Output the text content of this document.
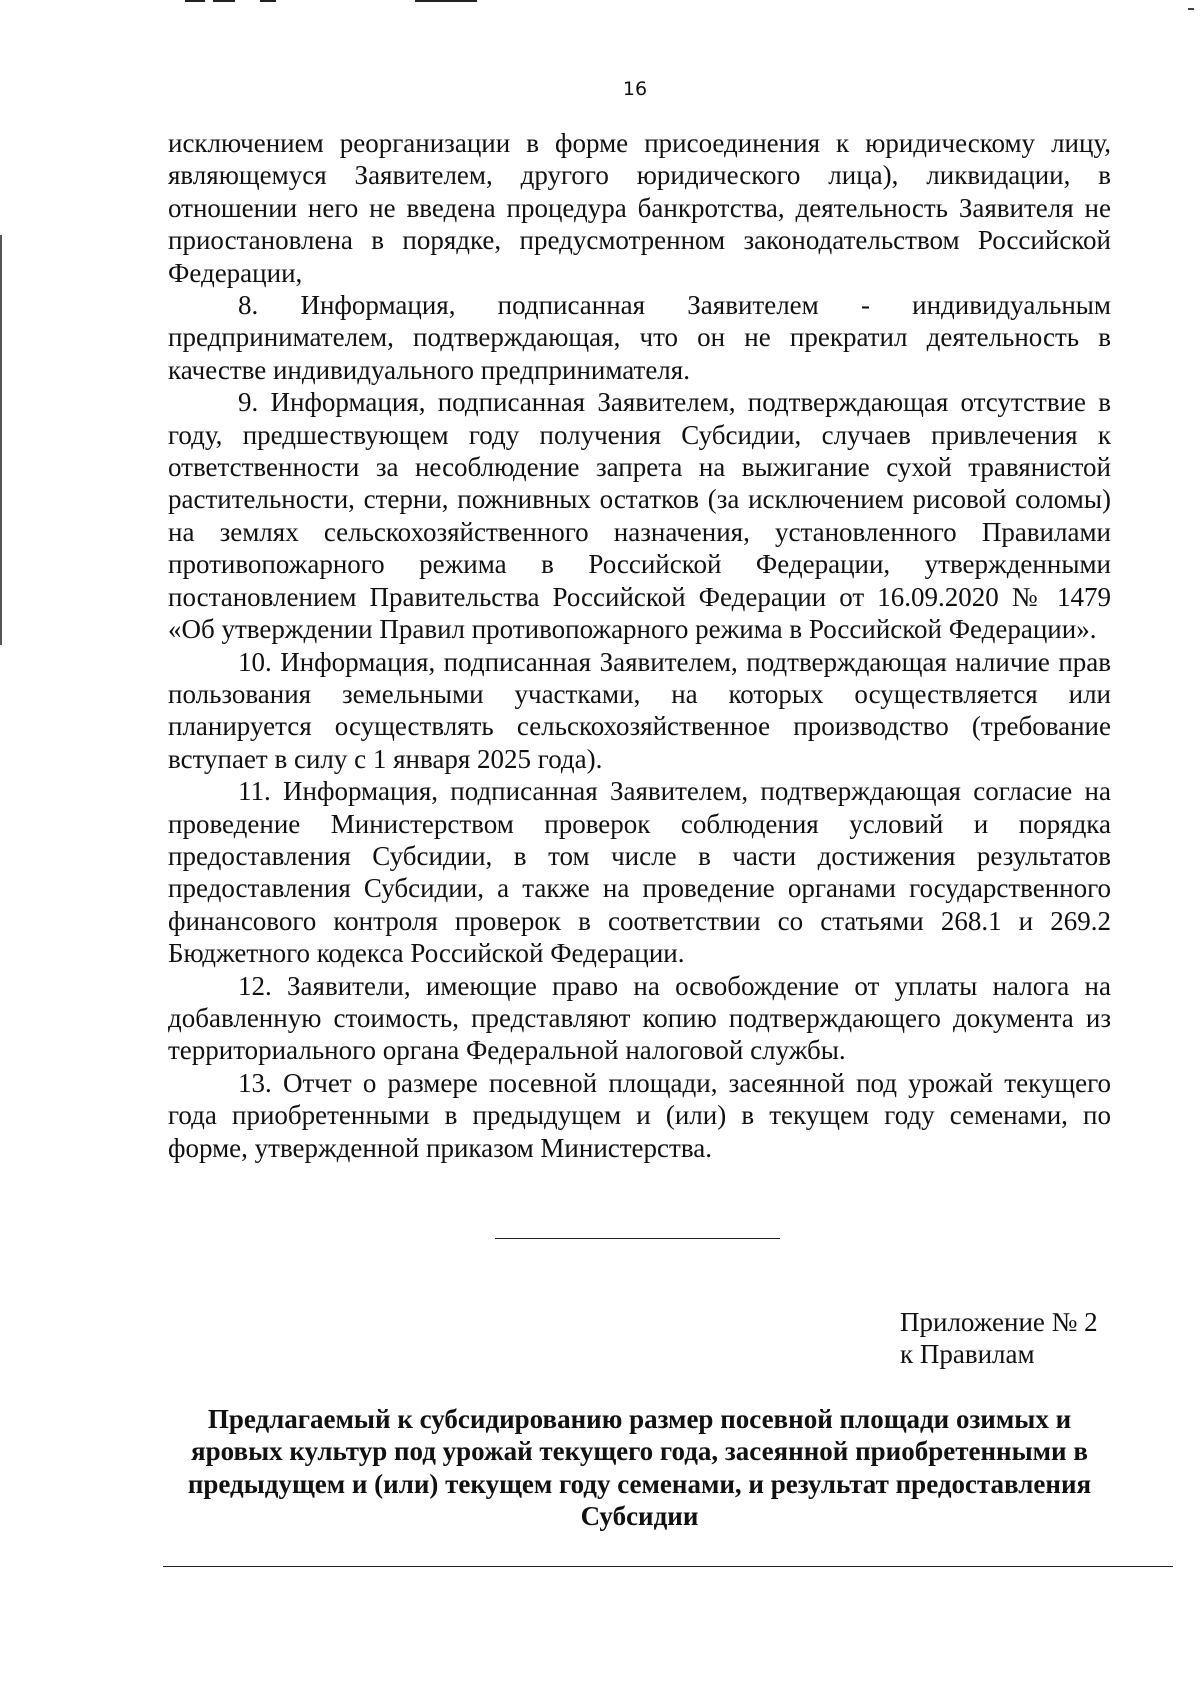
16

исключением реорганизации в форме присоединения к юридическому лицу, являющемуся Заявителем, другого юридического лица), ликвидации, в отношении него не введена процедура банкротства, деятельность Заявителя не приостановлена в порядке, предусмотренном законодательством Российской Федерации,

8. Информация, подписанная Заявителем - индивидуальным предпринимателем, подтверждающая, что он не прекратил деятельность в качестве индивидуального предпринимателя.

9. Информация, подписанная Заявителем, подтверждающая отсутствие в году, предшествующем году получения Субсидии, случаев привлечения к ответственности за несоблюдение запрета на выжигание сухой травянистой растительности, стерни, пожнивных остатков (за исключением рисовой соломы) на землях сельскохозяйственного назначения, установленного Правилами противопожарного режима в Российской Федерации, утвержденными постановлением Правительства Российской Федерации от 16.09.2020 № 1479 «Об утверждении Правил противопожарного режима в Российской Федерации».

10. Информация, подписанная Заявителем, подтверждающая наличие прав пользования земельными участками, на которых осуществляется или планируется осуществлять сельскохозяйственное производство (требование вступает в силу с 1 января 2025 года).

11. Информация, подписанная Заявителем, подтверждающая согласие на проведение Министерством проверок соблюдения условий и порядка предоставления Субсидии, в том числе в части достижения результатов предоставления Субсидии, а также на проведение органами государственного финансового контроля проверок в соответствии со статьями 268.1 и 269.2 Бюджетного кодекса Российской Федерации.

12. Заявители, имеющие право на освобождение от уплаты налога на добавленную стоимость, представляют копию подтверждающего документа из территориального органа Федеральной налоговой службы.

13. Отчет о размере посевной площади, засеянной под урожай текущего года приобретенными в предыдущем и (или) в текущем году семенами, по форме, утвержденной приказом Министерства.

Приложение № 2
к Правилам
Предлагаемый к субсидированию размер посевной площади озимых и яровых культур под урожай текущего года, засеянной приобретенными в предыдущем и (или) текущем году семенами, и результат предоставления Субсидии
